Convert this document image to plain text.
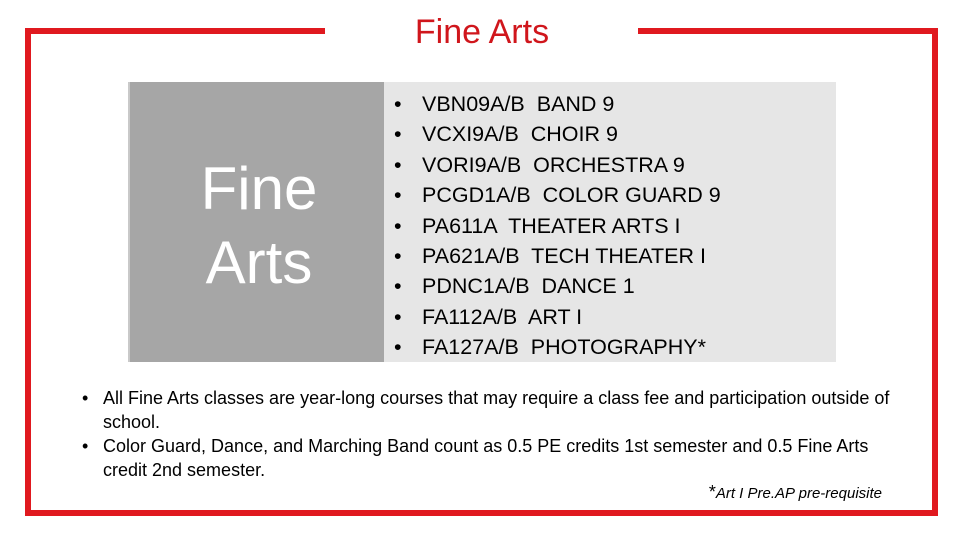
Fine Arts
Fine
Arts
• VBN09A/B  BAND 9
• VCXI9A/B  CHOIR 9
• VORI9A/B  ORCHESTRA 9
• PCGD1A/B  COLOR GUARD 9
• PA611A  THEATER ARTS I
• PA621A/B  TECH THEATER I
• PDNC1A/B  DANCE 1
• FA112A/B  ART I
• FA127A/B  PHOTOGRAPHY*
• All Fine Arts classes are year-long courses that may require a class fee and participation outside of school.
• Color Guard, Dance, and Marching Band count as 0.5 PE credits 1st semester and 0.5 Fine Arts credit 2nd semester.
*Art I Pre.AP pre-requisite
